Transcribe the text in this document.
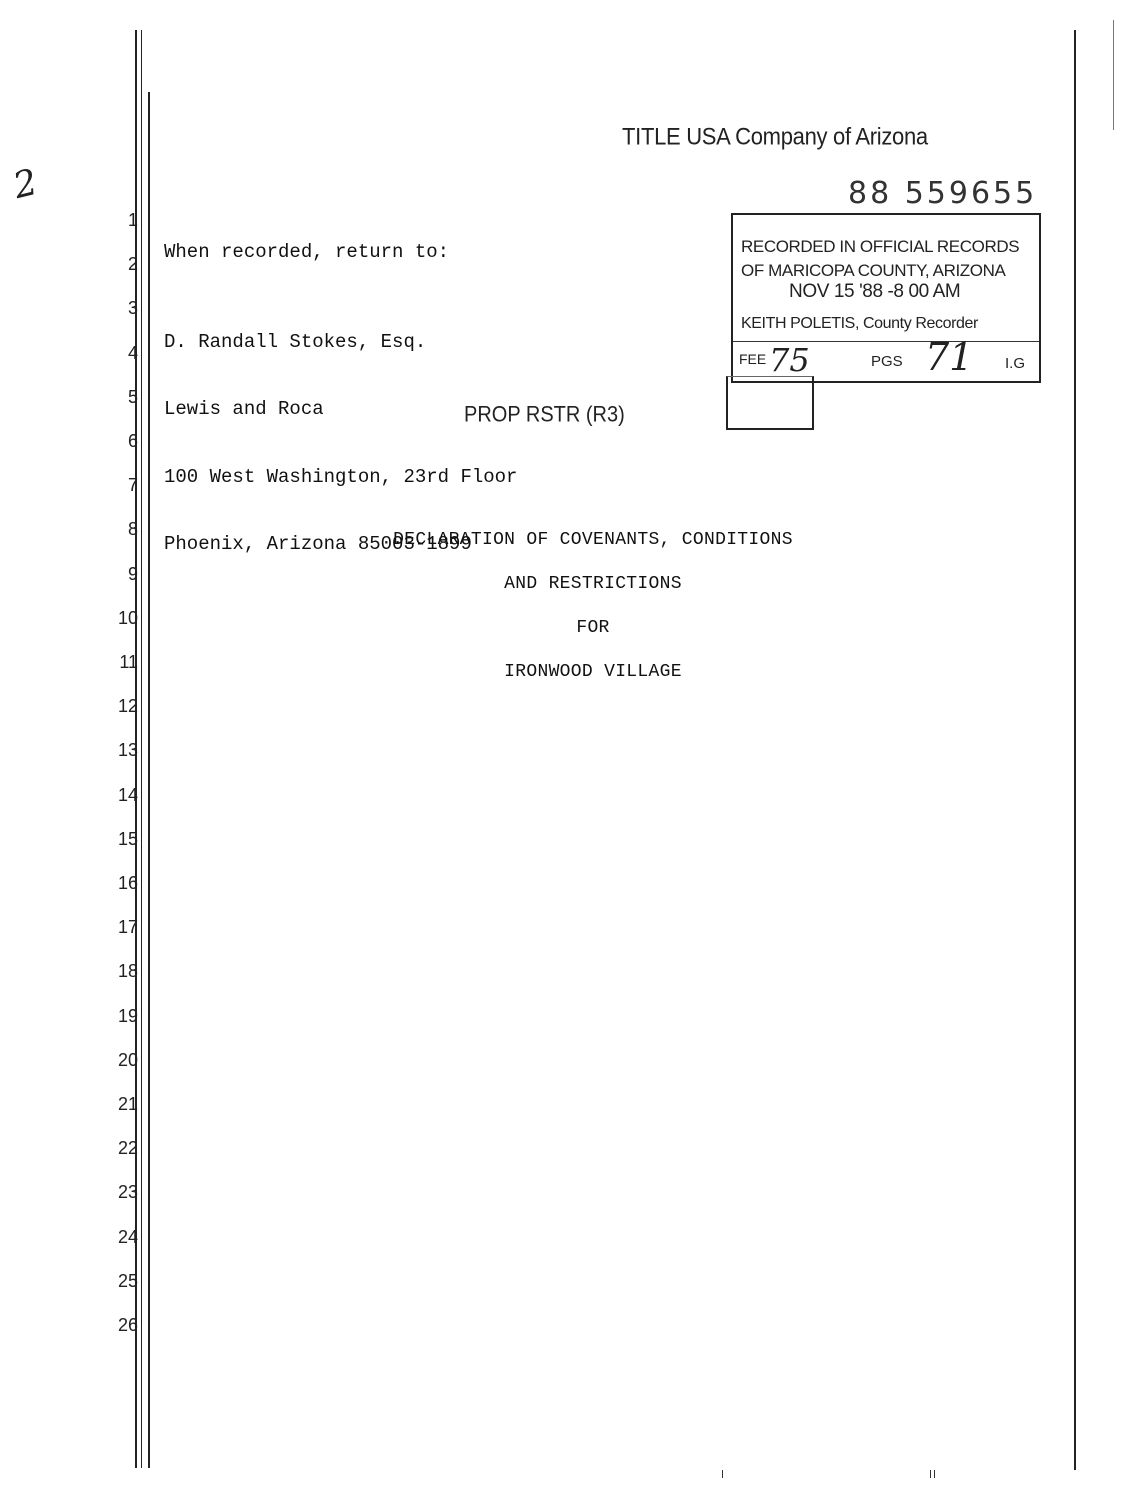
2
1
2
3
4
5
6
7
8
9
10
11
12
13
14
15
16
17
18
19
20
21
22
23
24
25
26
TITLE USA Company of Arizona
88 559655

When recorded, return to:

D. Randall Stokes, Esq.

Lewis and Roca

100 West Washington, 23rd Floor

Phoenix, Arizona 85003-1899

RECORDED IN OFFICIAL RECORDS
OF MARICOPA COUNTY, ARIZONA
NOV 15 '88 -8 00 AM
KEITH POLETIS, County Recorder
FEE 75	PGS 71 I.G
PROP RSTR (R3)
DECLARATION OF COVENANTS, CONDITIONS
AND RESTRICTIONS
FOR
IRONWOOD VILLAGE
